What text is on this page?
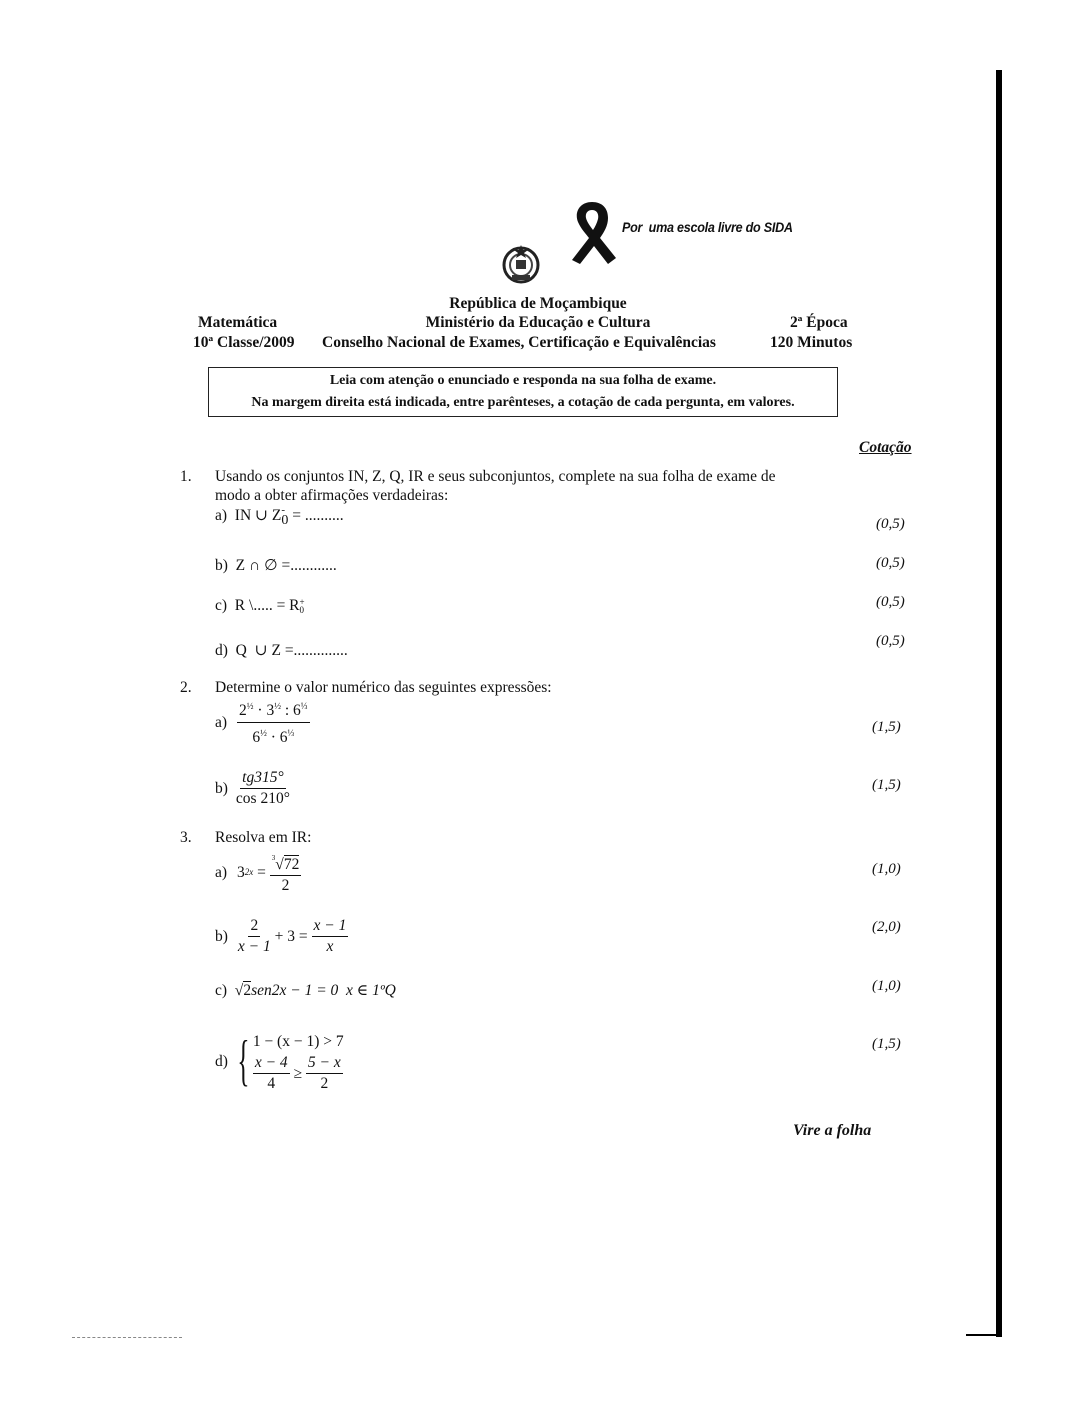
Por  uma escola livre do SIDA
República de Moçambique
Matemática	Ministério da Educação e Cultura	2ª Época
10ª Classe/2009 Conselho Nacional de Exames, Certificação e Equivalências	120 Minutos
Leia com atenção o enunciado e responda na sua folha de exame.
Na margem direita está indicada, entre parênteses, a cotação de cada pergunta, em valores.
Cotação
1. Usando os conjuntos IN, Z, Q, IR e seus subconjuntos, complete na sua folha de exame de
modo a obter afirmações verdadeiras:
a) IN ∪ Z -
0 = ..........	(0,5)
b) Z ∩ ∅ =............	(0,5)
c) R \..... = R +
0
(0,5)
d) Q  ∪ Z =..............
(0,5)
2. Determine o valor numérico das seguintes expressões:
$a) \frac{2^{\frac{1}{2}} \cdot 3^{\frac{1}{2}} : 6^{\frac{1}{3}}}{6^{\frac{1}{2}} \cdot 6^{\frac{1}{3}}}$	(1,5)
$b) \frac{tg315^\circ}{\cos 210^\circ}$	(1,5)
3. Resolva em IR:
a) 3 $2x = \frac{^3√72}{2}$	(1,0)
$b) \frac{2}{x - 1} + 3 = \frac{x - 1}{x}$	(2,0)
c) √2sen2x − 1 = 0  x ∈ 1ºQ	(1,0)
d) { 1 − (x − 1) > 7
$\frac{x - 4}{4} \ge \frac{5 - x}{2}$
(1,5)
Vire a folha
